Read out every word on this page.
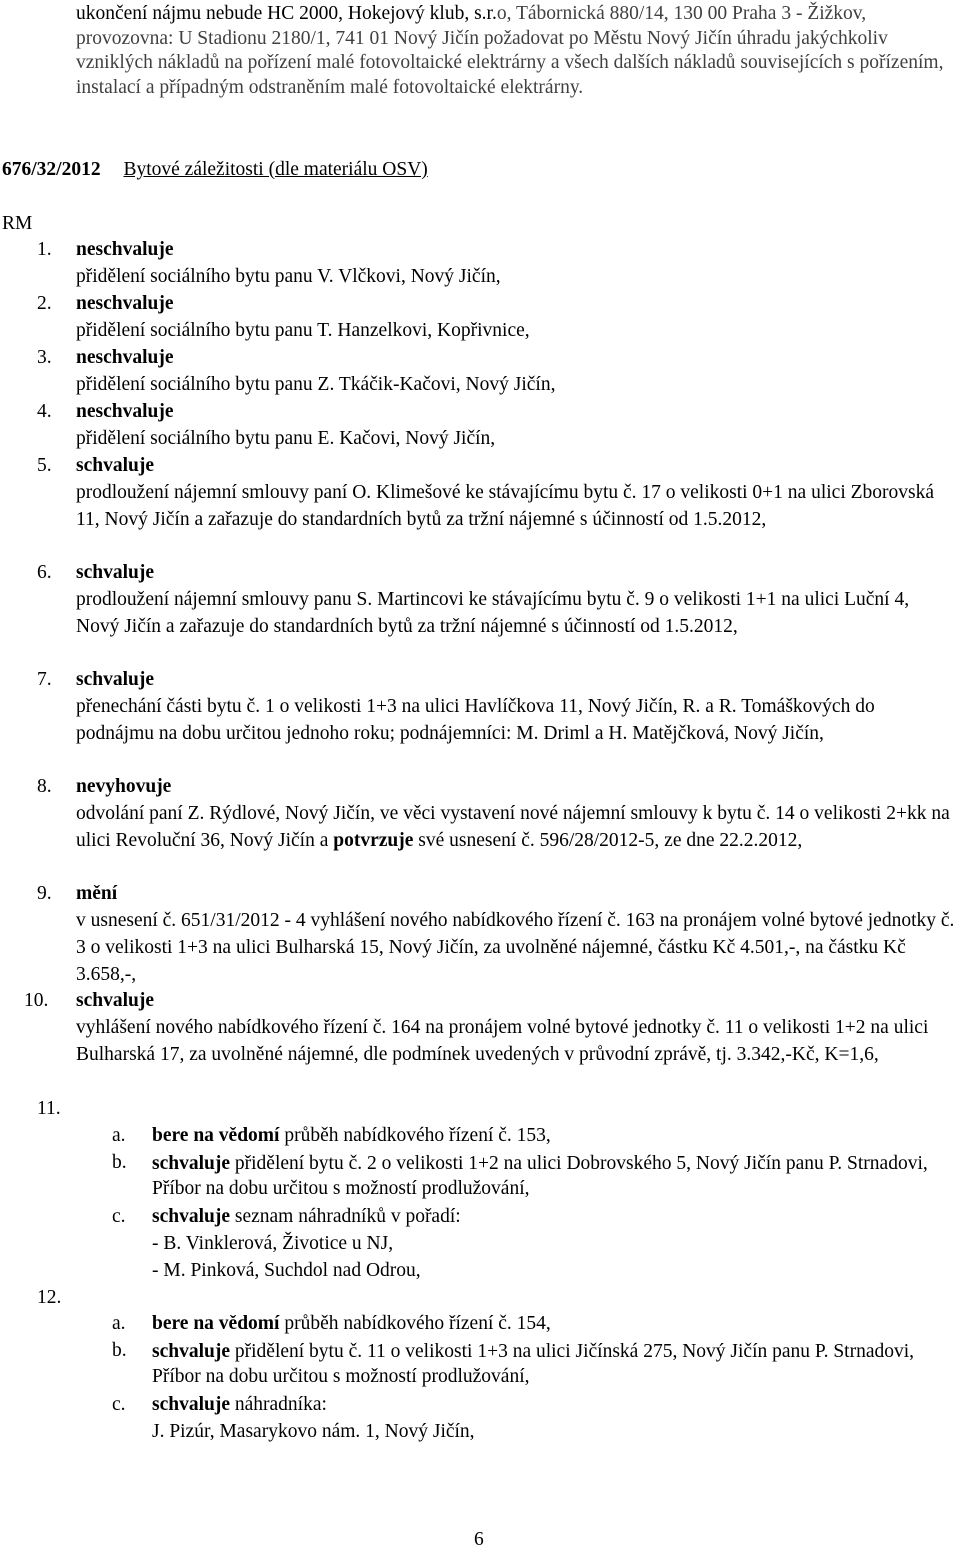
ukončení nájmu nebude HC 2000, Hokejový klub, s.r.o, Tábornická 880/14, 130 00 Praha 3 - Žižkov, provozovna: U Stadionu 2180/1, 741 01 Nový Jičín požadovat po Městu Nový Jičín úhradu jakýchkoliv vzniklých nákladů na pořízení malé fotovoltaické elektrárny a všech dalších nákladů souvisejících s pořízením, instalací a případným odstraněním malé fotovoltaické elektrárny.
676/32/2012 Bytové záležitosti (dle materiálu OSV)
RM
1. neschvaluje
přidělení sociálního bytu panu V. Vlčkovi, Nový Jičín,
2. neschvaluje
přidělení sociálního bytu panu T. Hanzelkovi, Kopřivnice,
3. neschvaluje
přidělení sociálního bytu panu Z. Tkáčik-Kačovi, Nový Jičín,
4. neschvaluje
přidělení sociálního bytu panu E. Kačovi, Nový Jičín,
5. schvaluje
prodloužení nájemní smlouvy paní O. Klimešové ke stávajícímu bytu č. 17 o velikosti 0+1 na ulici Zborovská 11, Nový Jičín a zařazuje do standardních bytů za tržní nájemné s účinností od 1.5.2012,
6. schvaluje
prodloužení nájemní smlouvy panu S. Martincovi ke stávajícímu bytu č. 9 o velikosti 1+1 na ulici Luční 4, Nový Jičín a zařazuje do standardních bytů za tržní nájemné s účinností od 1.5.2012,
7. schvaluje
přenechání části bytu č. 1 o velikosti 1+3 na ulici Havlíčkova 11, Nový Jičín, R. a R. Tomáškových do podnájmu na dobu určitou jednoho roku; podnájemníci: M. Driml a H. Matějčková, Nový Jičín,
8. nevyhovuje
odvolání paní Z. Rýdlové, Nový Jičín, ve věci vystavení nové nájemní smlouvy k bytu č. 14 o velikosti 2+kk na ulici Revoluční 36, Nový Jičín a potvrzuje své usnesení č. 596/28/2012-5, ze dne 22.2.2012,
9. mění
v usnesení č. 651/31/2012 - 4 vyhlášení nového nabídkového řízení č. 163 na pronájem volné bytové jednotky č. 3 o velikosti 1+3 na ulici Bulharská 15, Nový Jičín, za uvolněné nájemné, částku Kč 4.501,-, na částku Kč 3.658,-,
10. schvaluje
vyhlášení nového nabídkového řízení č. 164 na pronájem volné bytové jednotky č. 11 o velikosti 1+2 na ulici Bulharská 17, za uvolněné nájemné, dle podmínek uvedených v průvodní zprávě, tj. 3.342,-Kč, K=1,6,
11.
a. bere na vědomí průběh nabídkového řízení č. 153,
b. schvaluje přidělení bytu č. 2 o velikosti 1+2 na ulici Dobrovského 5, Nový Jičín panu P. Strnadovi, Příbor na dobu určitou s možností prodlužování,
c. schvaluje seznam náhradníků v pořadí:
- B. Vinklerová, Životice u NJ,
- M. Pinková, Suchdol nad Odrou,
12.
a. bere na vědomí průběh nabídkového řízení č. 154,
b. schvaluje přidělení bytu č. 11 o velikosti 1+3 na ulici Jičínská 275, Nový Jičín panu P. Strnadovi, Příbor na dobu určitou s možností prodlužování,
c. schvaluje náhradníka:
J. Pizúr, Masarykovo nám. 1, Nový Jičín,
6
